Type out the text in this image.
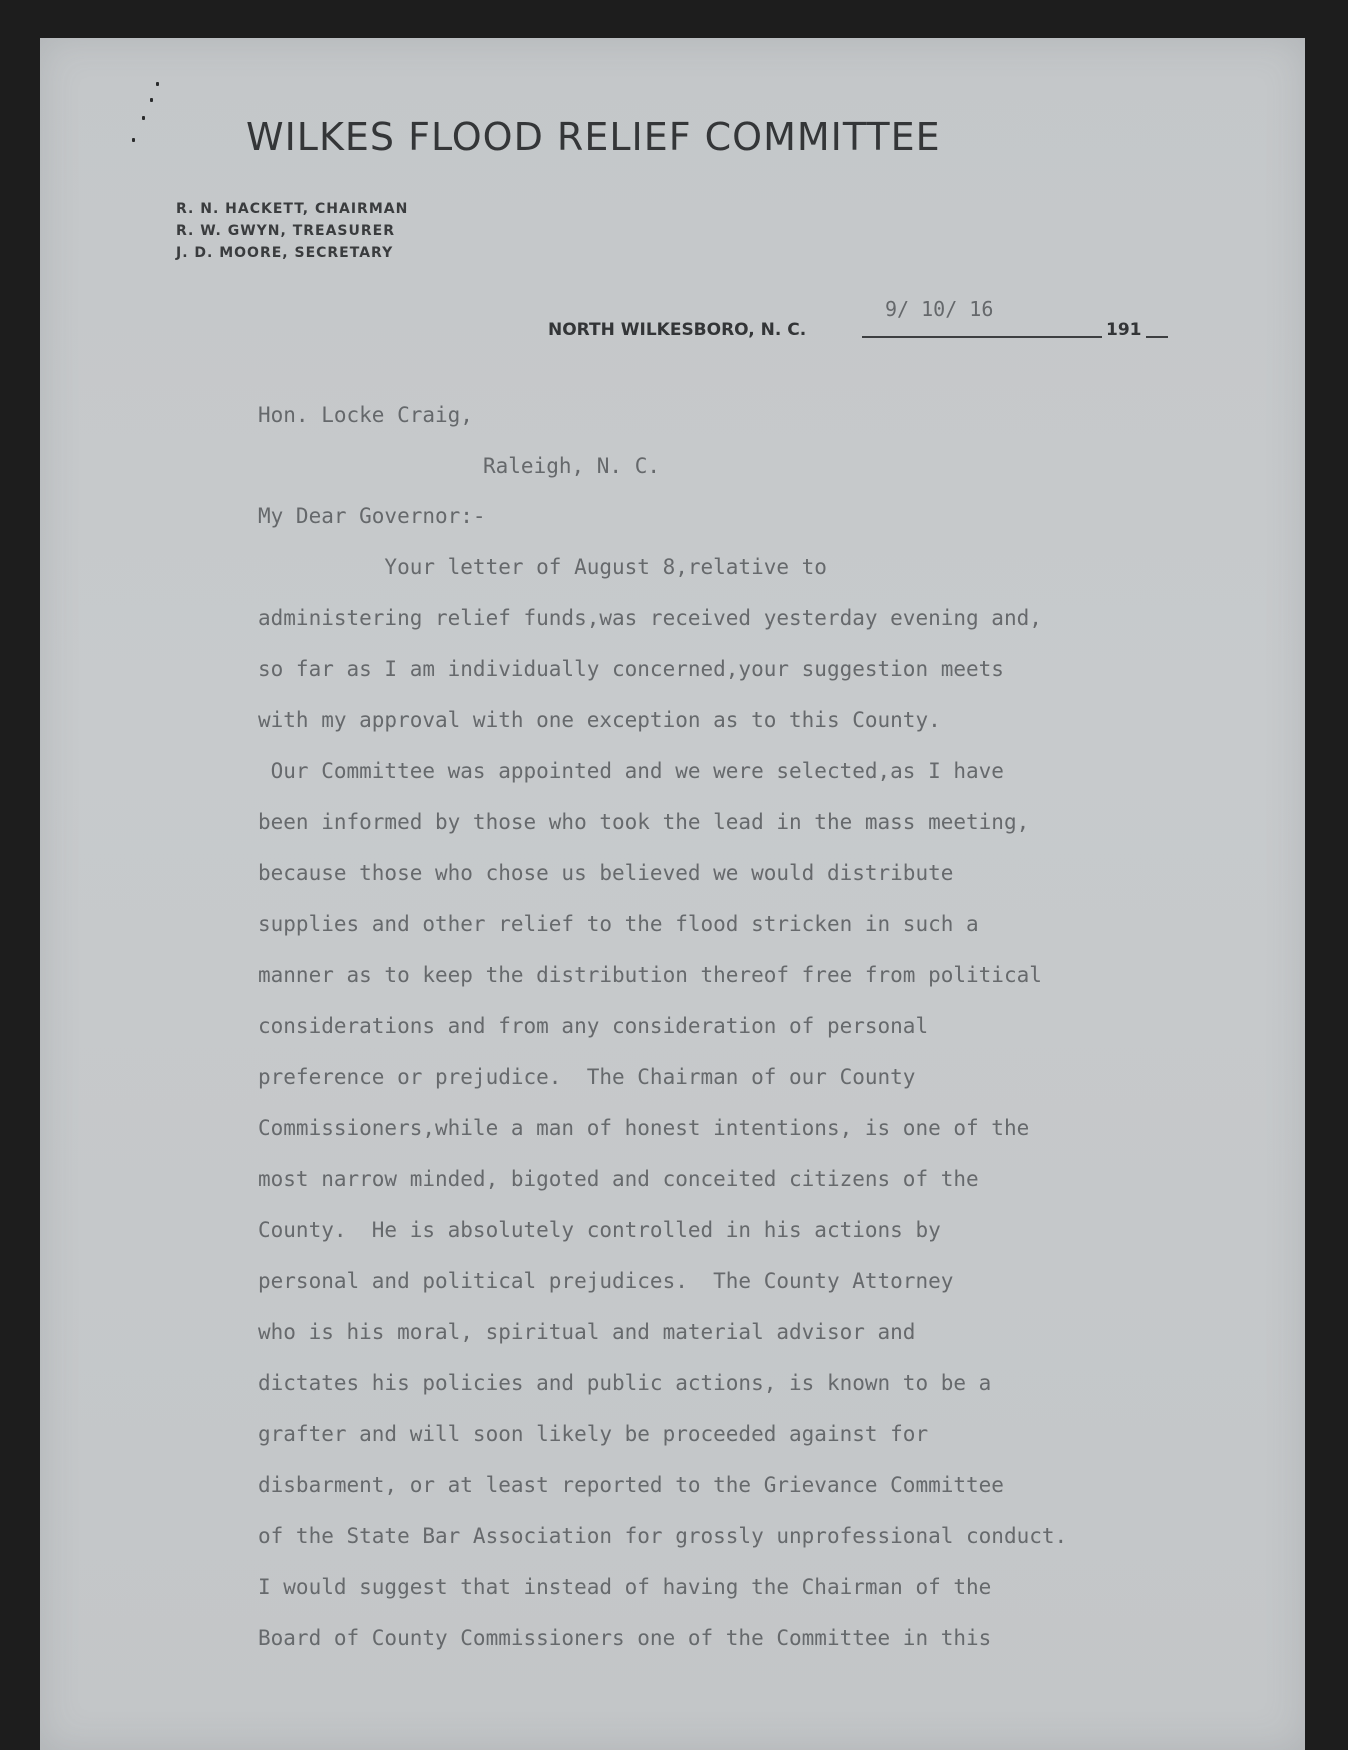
WILKES FLOOD RELIEF COMMITTEE
R. N. HACKETT, CHAIRMAN
R. W. GWYN, TREASURER
J. D. MOORE, SECRETARY
9/ 10/ 16
NORTH WILKESBORO, N. C.	191
Hon. Locke Craig,
Raleigh, N. C.
My Dear Governor:-
Your letter of August 8,relative to
administering relief funds,was received yesterday evening and,
so far as I am individually concerned,your suggestion meets
with my approval with one exception as to this County.
Our Committee was appointed and we were selected,as I have
been informed by those who took the lead in the mass meeting,
because those who chose us believed we would distribute
supplies and other relief to the flood stricken in such a
manner as to keep the distribution thereof free from political
considerations and from any consideration of personal
preference or prejudice.  The Chairman of our County
Commissioners,while a man of honest intentions, is one of the
most narrow minded, bigoted and conceited citizens of the
County.  He is absolutely controlled in his actions by
personal and political prejudices.  The County Attorney
who is his moral, spiritual and material advisor and
dictates his policies and public actions, is known to be a
grafter and will soon likely be proceeded against for
disbarment, or at least reported to the Grievance Committee
of the State Bar Association for grossly unprofessional conduct.
I would suggest that instead of having the Chairman of the
Board of County Commissioners one of the Committee in this
